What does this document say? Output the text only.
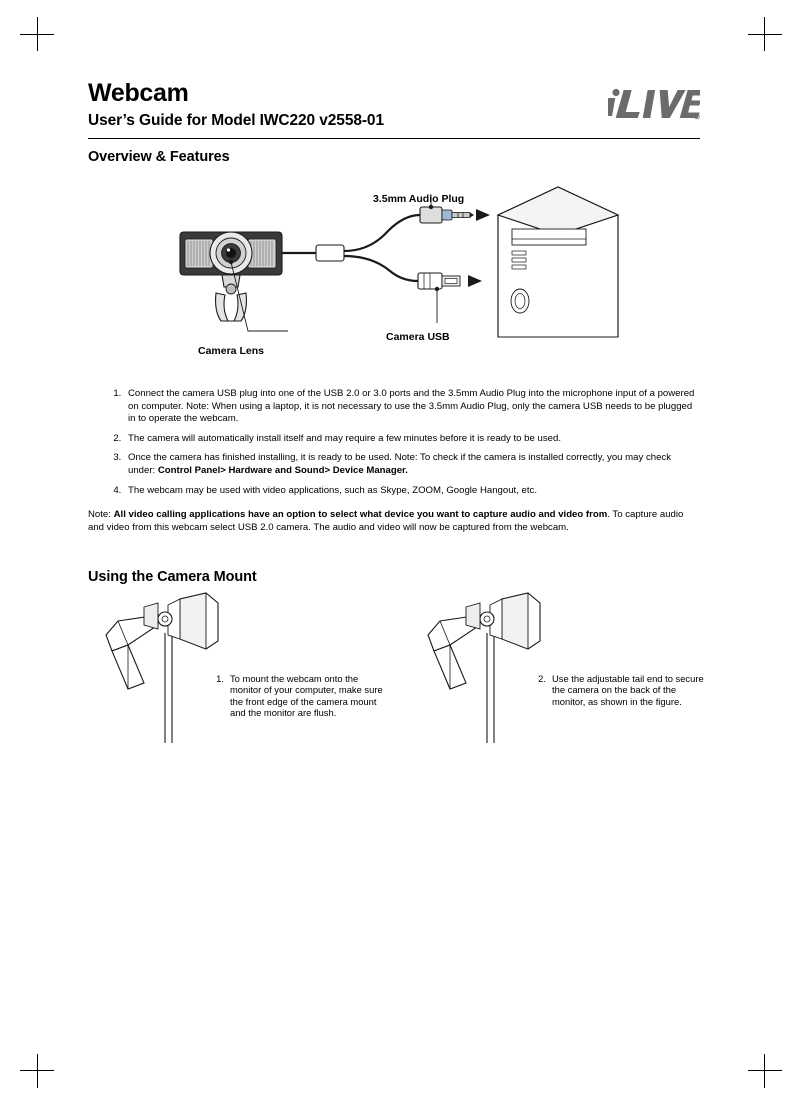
Webcam

User’s Guide for Model IWC220 v2558-01	R
Overview & Features
3.5mm Audio Plug
Camera USB
Camera Lens
1. Connect the camera USB plug into one of the USB 2.0 or 3.0 ports and the 3.5mm Audio Plug into the microphone input of a powered on computer. Note: When using a laptop, it is not necessary to use the 3.5mm Audio Plug, only the camera USB needs to be plugged in to operate the webcam.
2. The camera will automatically install itself and may require a few minutes before it is ready to be used.
3. Once the camera has finished installing, it is ready to be used. Note: To check if the camera is installed correctly, you may check under: Control Panel> Hardware and Sound> Device Manager.
4. The webcam may be used with video applications, such as Skype, ZOOM, Google Hangout, etc.

Note: All video calling applications have an option to select what device you want to capture audio and video from. To capture audio and video from this webcam select USB 2.0 camera. The audio and video will now be captured from the webcam.

Using the Camera Mount
1. To mount the webcam onto the monitor of your computer, make sure the front edge of the camera mount and the monitor are flush.
2. Use the adjustable tail end to secure the camera on the back of the monitor, as shown in the figure.
